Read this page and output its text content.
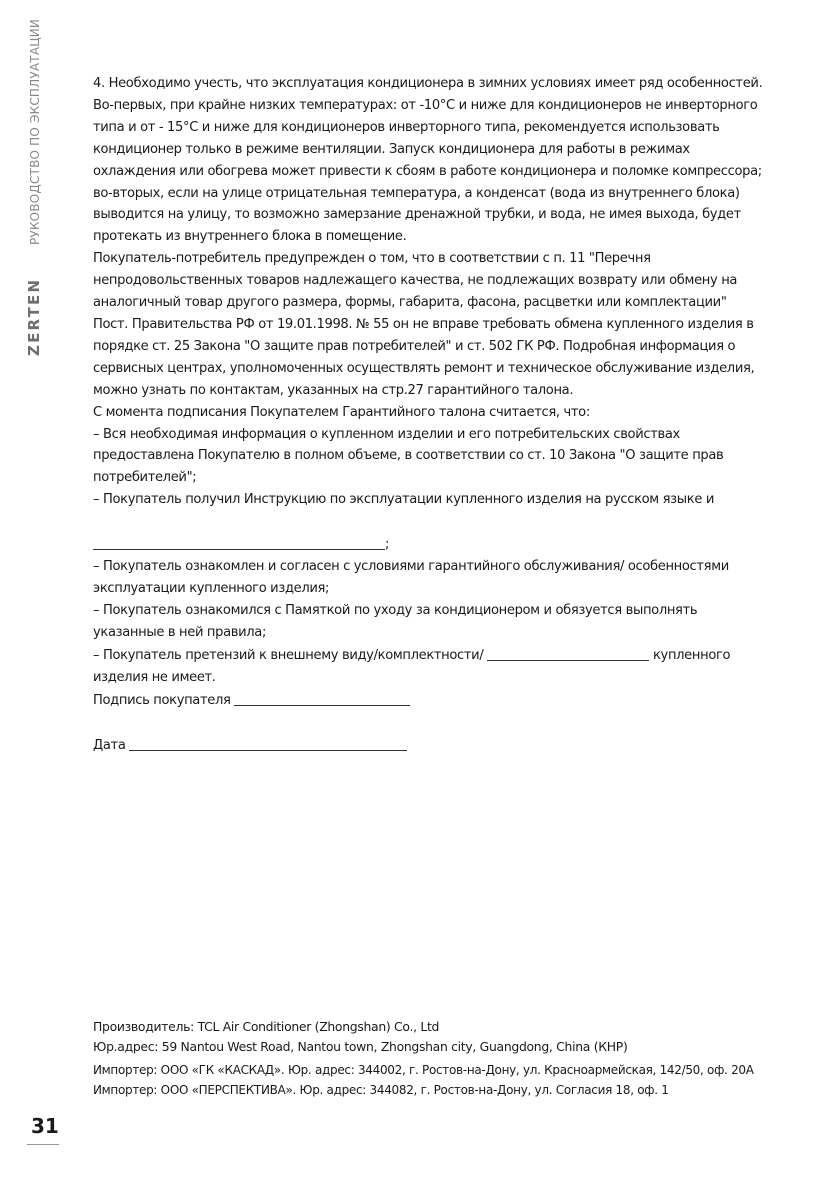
ZERTEN
РУКОВОДСТВО ПО ЭКСПЛУАТАЦИИ
31

4. Необходимо учесть, что эксплуатация кондиционера в зимних условиях имеет ряд особенностей. Во-первых, при крайне низких температурах: от -10°С и ниже для кондиционеров не инверторного типа и от - 15°С и ниже для кондиционеров инверторного типа, рекомендуется использовать кондиционер только в режиме вентиляции. Запуск кондиционера для работы в режимах охлаждения или обогрева может привести к сбоям в работе кондиционера и поломке компрессора; во-вторых, если на улице отрицательная температура, а конденсат (вода из внутреннего блока) выводится на улицу, то возможно замерзание дренажной трубки, и вода, не имея выхода, будет протекать из внутреннего блока в помещение.

Покупатель-потребитель предупрежден о том, что в соответствии с п. 11 "Перечня непродовольственных товаров надлежащего качества, не подлежащих возврату или обмену на аналогичный товар другого размера, формы, габарита, фасона, расцветки или комплектации" Пост. Правительства РФ от 19.01.1998. № 55 он не вправе требовать обмена купленного изделия в порядке ст. 25 Закона "О защите прав потребителей" и ст. 502 ГК РФ. Подробная информация о сервисных центрах, уполномоченных осуществлять ремонт и техническое обслуживание изделия, можно узнать по контактам, указанных на стр.27 гарантийного талона.

С момента подписания Покупателем Гарантийного талона считается, что:

– Вся необходимая информация о купленном изделии и его потребительских свойствах предоставлена Покупателю в полном объеме, в соответствии со ст. 10 Закона "О защите прав потребителей";

– Покупатель получил Инструкцию по эксплуатации купленного изделия на русском языке и

;

– Покупатель ознакомлен и согласен с условиями гарантийного обслуживания/ особенностями эксплуатации купленного изделия;

– Покупатель ознакомился с Памяткой по уходу за кондиционером и обязуется выполнять указанные в ней правила;

– Покупатель претензий к внешнему виду/комплектности/	купленного изделия не имеет.

Подпись покупателя

Дата

Производитель: TCL Air Conditioner (Zhongshan) Co., Ltd

Юр.адрес: 59 Nantou West Road, Nantou town, Zhongshan city, Guangdong, China (КНР)

Импортер: ООО «ГК «КАСКАД». Юр. адрес: 344002, г. Ростов-на-Дону, ул. Красноармейская, 142/50, оф. 20А

Импортер: ООО «ПЕРСПЕКТИВА». Юр. адрес: 344082, г. Ростов-на-Дону, ул. Согласия 18, оф. 1
